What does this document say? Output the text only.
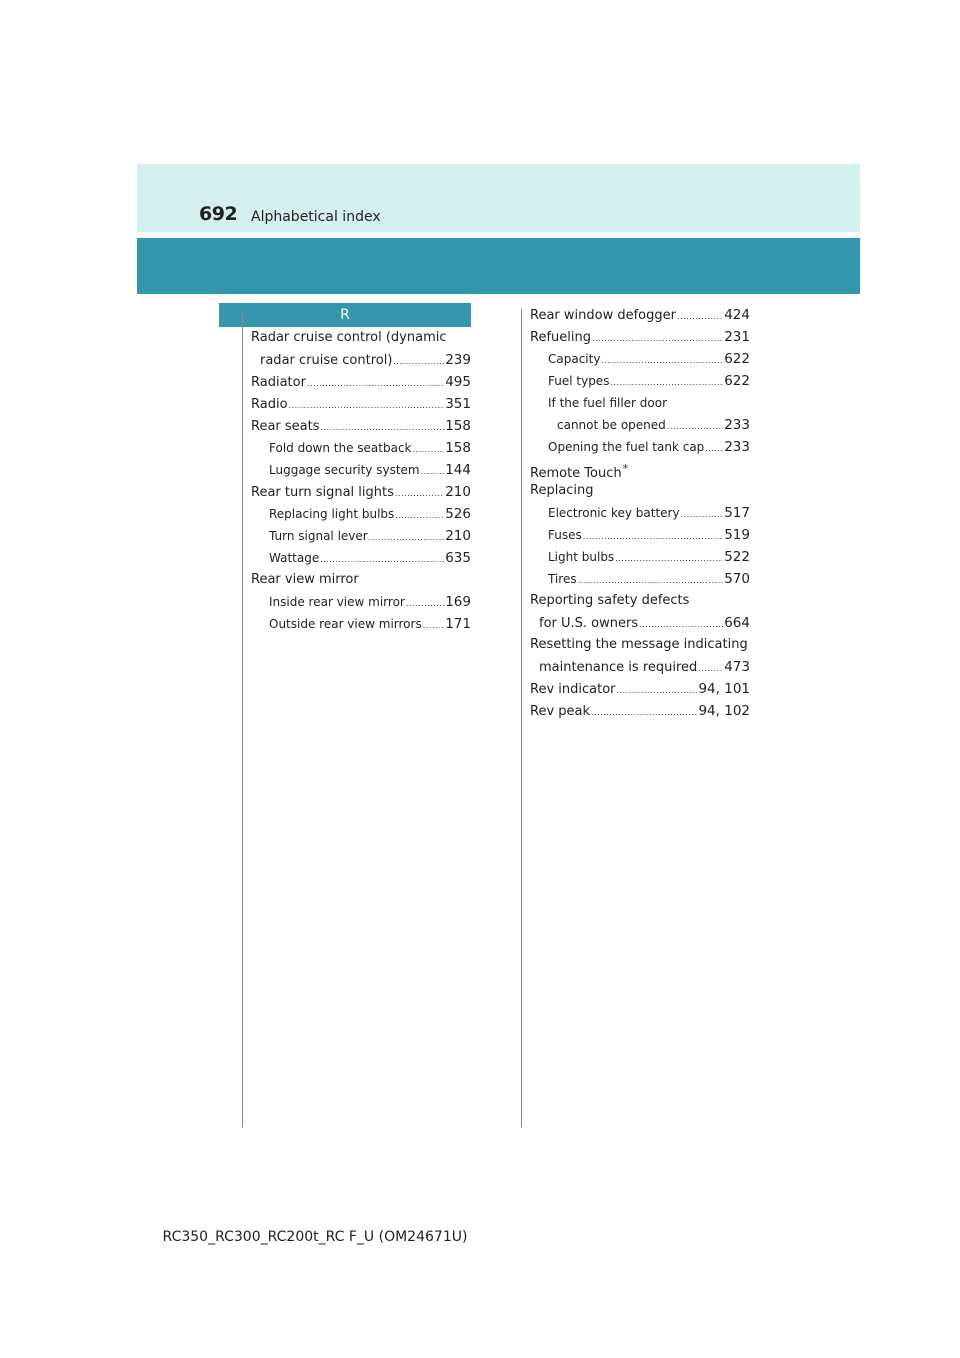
692 Alphabetical index
R
Radar cruise control (dynamic
radar cruise control) .....	239
Radiator .....	495
Radio .....	351
Rear seats .....	158
Fold down the seatback ..... 158
Luggage security system ..... 144
Rear turn signal lights .....	210
Replacing light bulbs .....	526
Turn signal lever .....	210
Wattage .....	635
Rear view mirror
Inside rear view mirror .....	169
Outside rear view mirrors ..... 171
Rear window defogger .....	424
Refueling .....	231
Capacity .....	622
Fuel types .....	622
If the fuel filler door
cannot be opened .....	233
Opening the fuel tank cap ..... 233
Remote Touch*
Replacing
Electronic key battery .....	517
Fuses .....	519
Light bulbs .....	522
Tires .....	570
Reporting safety defects
for U.S. owners .....	664
Resetting the message indicating
maintenance is required ..... 473
Rev indicator .....	94, 101
Rev peak .....	94, 102
RC350_RC300_RC200t_RC F_U (OM24671U)
